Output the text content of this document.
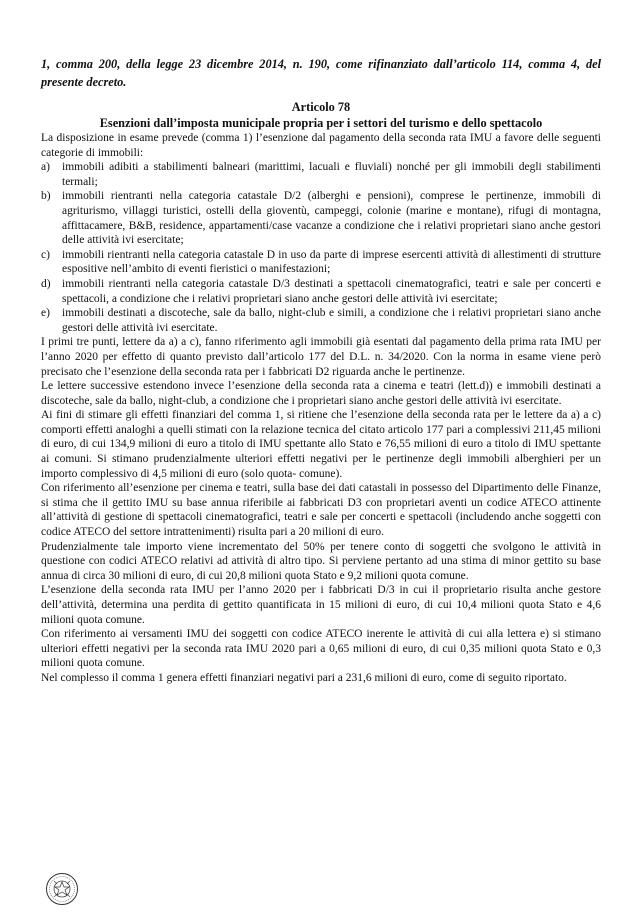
1, comma 200, della legge 23 dicembre 2014, n. 190, come rifinanziato dall’articolo 114, comma 4, del presente decreto.
Articolo 78
Esenzioni dall’imposta municipale propria per i settori del turismo e dello spettacolo

La disposizione in esame prevede (comma 1) l’esenzione dal pagamento della seconda rata IMU a favore delle seguenti categorie di immobili:

a) immobili adibiti a stabilimenti balneari (marittimi, lacuali e fluviali) nonché per gli immobili degli stabilimenti termali;
b) immobili rientranti nella categoria catastale D/2 (alberghi e pensioni), comprese le pertinenze, immobili di agriturismo, villaggi turistici, ostelli della gioventù, campeggi, colonie (marine e montane), rifugi di montagna, affittacamere, B&B, residence, appartamenti/case vacanze a condizione che i relativi proprietari siano anche gestori delle attività ivi esercitate;
c) immobili rientranti nella categoria catastale D in uso da parte di imprese esercenti attività di allestimenti di strutture espositive nell’ambito di eventi fieristici o manifestazioni;
d) immobili rientranti nella categoria catastale D/3 destinati a spettacoli cinematografici, teatri e sale per concerti e spettacoli, a condizione che i relativi proprietari siano anche gestori delle attività ivi esercitate;
e) immobili destinati a discoteche, sale da ballo, night-club e simili, a condizione che i relativi proprietari siano anche gestori delle attività ivi esercitate.

I primi tre punti, lettere da a) a c), fanno riferimento agli immobili già esentati dal pagamento della prima rata IMU per l’anno 2020 per effetto di quanto previsto dall’articolo 177 del D.L. n. 34/2020. Con la norma in esame viene però precisato che l’esenzione della seconda rata per i fabbricati D2 riguarda anche le pertinenze.

Le lettere successive estendono invece l’esenzione della seconda rata a cinema e teatri (lett.d)) e immobili destinati a discoteche, sale da ballo, night-club, a condizione che i proprietari siano anche gestori delle attività ivi esercitate.

Ai fini di stimare gli effetti finanziari del comma 1, si ritiene che l’esenzione della seconda rata per le lettere da a) a c) comporti effetti analoghi a quelli stimati con la relazione tecnica del citato articolo 177 pari a complessivi 211,45 milioni di euro, di cui 134,9 milioni di euro a titolo di IMU spettante allo Stato e 76,55 milioni di euro a titolo di IMU spettante ai comuni. Si stimano prudenzialmente ulteriori effetti negativi per le pertinenze degli immobili alberghieri per un importo complessivo di 4,5 milioni di euro (solo quota- comune).

Con riferimento all’esenzione per cinema e teatri, sulla base dei dati catastali in possesso del Dipartimento delle Finanze, si stima che il gettito IMU su base annua riferibile ai fabbricati D3 con proprietari aventi un codice ATECO attinente all’attività di gestione di spettacoli cinematografici, teatri e sale per concerti e spettacoli (includendo anche soggetti con codice ATECO del settore intrattenimenti) risulta pari a 20 milioni di euro.

Prudenzialmente tale importo viene incrementato del 50% per tenere conto di soggetti che svolgono le attività in questione con codici ATECO relativi ad attività di altro tipo. Si perviene pertanto ad una stima di minor gettito su base annua di circa 30 milioni di euro, di cui 20,8 milioni quota Stato e 9,2 milioni quota comune.

L’esenzione della seconda rata IMU per l’anno 2020 per i fabbricati D/3 in cui il proprietario risulta anche gestore dell’attività, determina una perdita di gettito quantificata in 15 milioni di euro, di cui 10,4 milioni quota Stato e 4,6 milioni quota comune.

Con riferimento ai versamenti IMU dei soggetti con codice ATECO inerente le attività di cui alla lettera e) si stimano ulteriori effetti negativi per la seconda rata IMU 2020 pari a 0,65 milioni di euro, di cui 0,35 milioni quota Stato e 0,3 milioni quota comune.

Nel complesso il comma 1 genera effetti finanziari negativi pari a 231,6 milioni di euro, come di seguito riportato.
